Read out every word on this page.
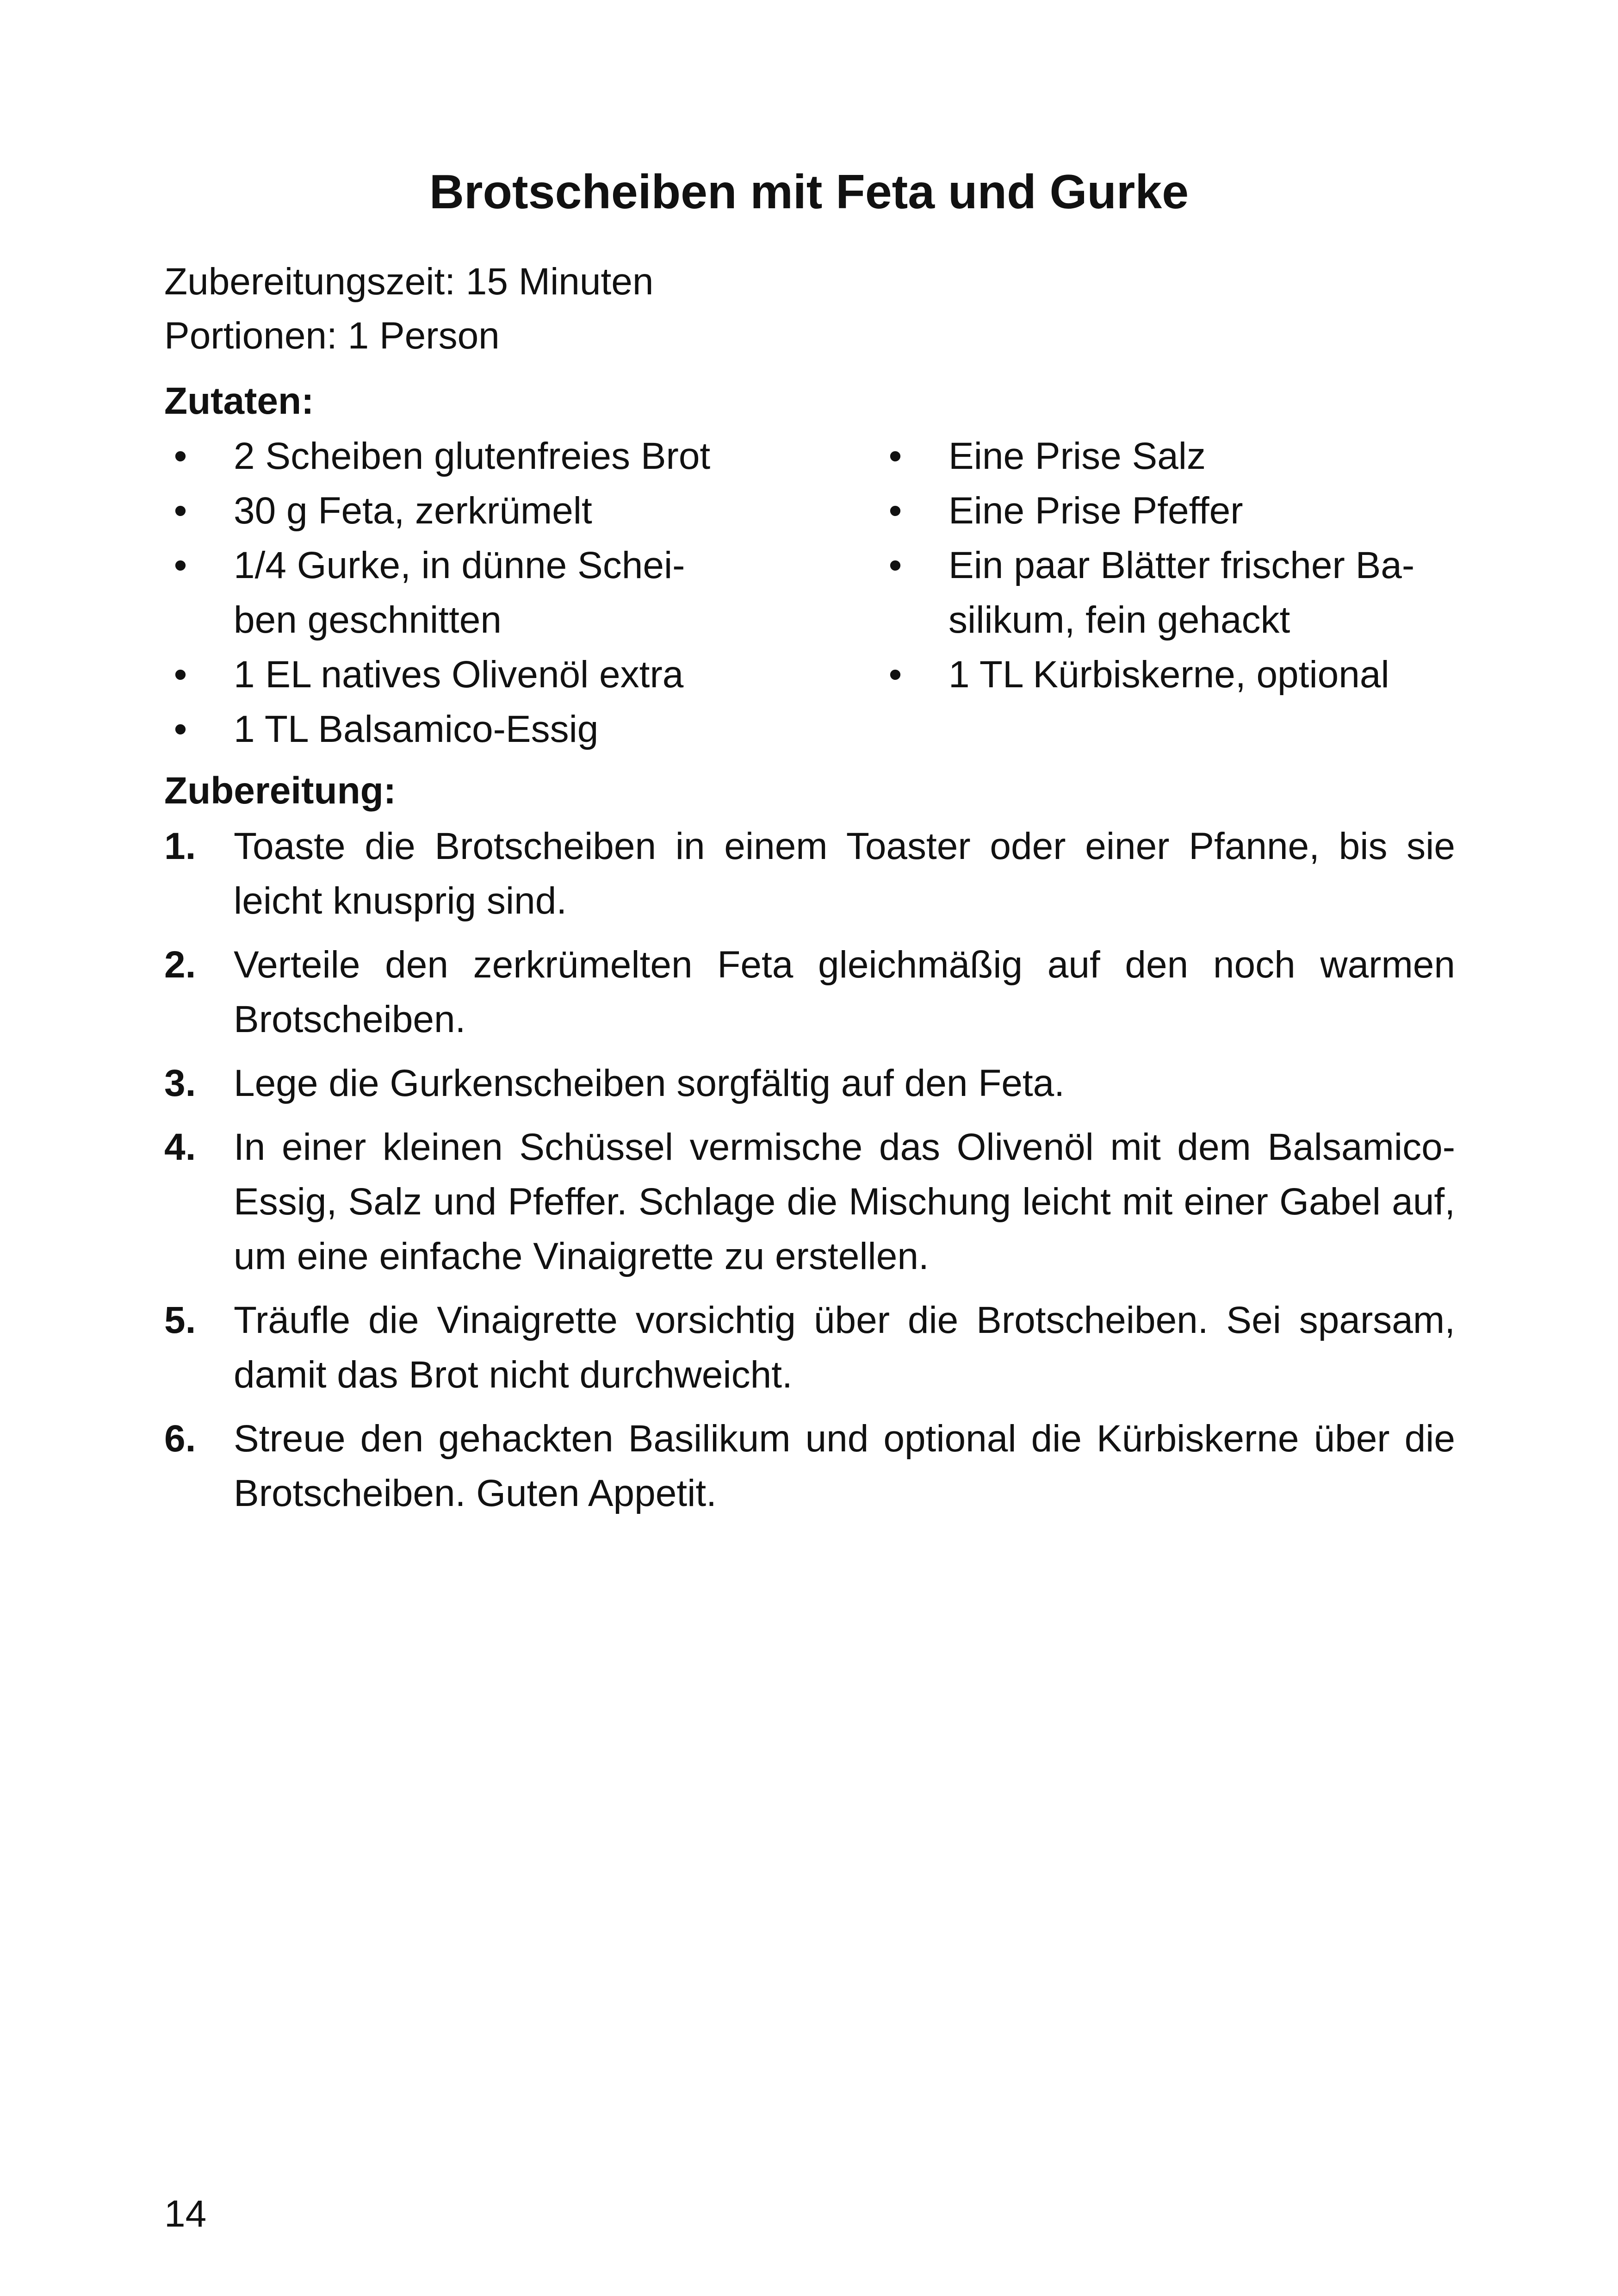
Brotscheiben mit Feta und Gurke

Zubereitungszeit: 15 Minuten

Portionen: 1 Person

Zutaten:
• 2 Scheiben glutenfreies Brot
• 30 g Feta, zerkrümelt
• 1/4 Gurke, in dünne Schei-
ben geschnitten
• 1 EL natives Olivenöl extra
• 1 TL Balsamico-Essig
• Eine Prise Salz
• Eine Prise Pfeffer
• Ein paar Blätter frischer Ba-
silikum, fein gehackt
• 1 TL Kürbiskerne, optional
Zubereitung:
1. Toaste die Brotscheiben in einem Toaster oder einer Pfanne, bis sie leicht knusprig sind.
2. Verteile den zerkrümelten Feta gleichmäßig auf den noch warmen Brotscheiben.
3. Lege die Gurkenscheiben sorgfältig auf den Feta.
4. In einer kleinen Schüssel vermische das Olivenöl mit dem Balsamico-Essig, Salz und Pfeffer. Schlage die Mischung leicht mit einer Gabel auf, um eine einfache Vinaigrette zu erstellen.
5. Träufle die Vinaigrette vorsichtig über die Brotscheiben. Sei sparsam, damit das Brot nicht durchweicht.
6. Streue den gehackten Basilikum und optional die Kürbiskerne über die Brotscheiben. Guten Appetit.

14
